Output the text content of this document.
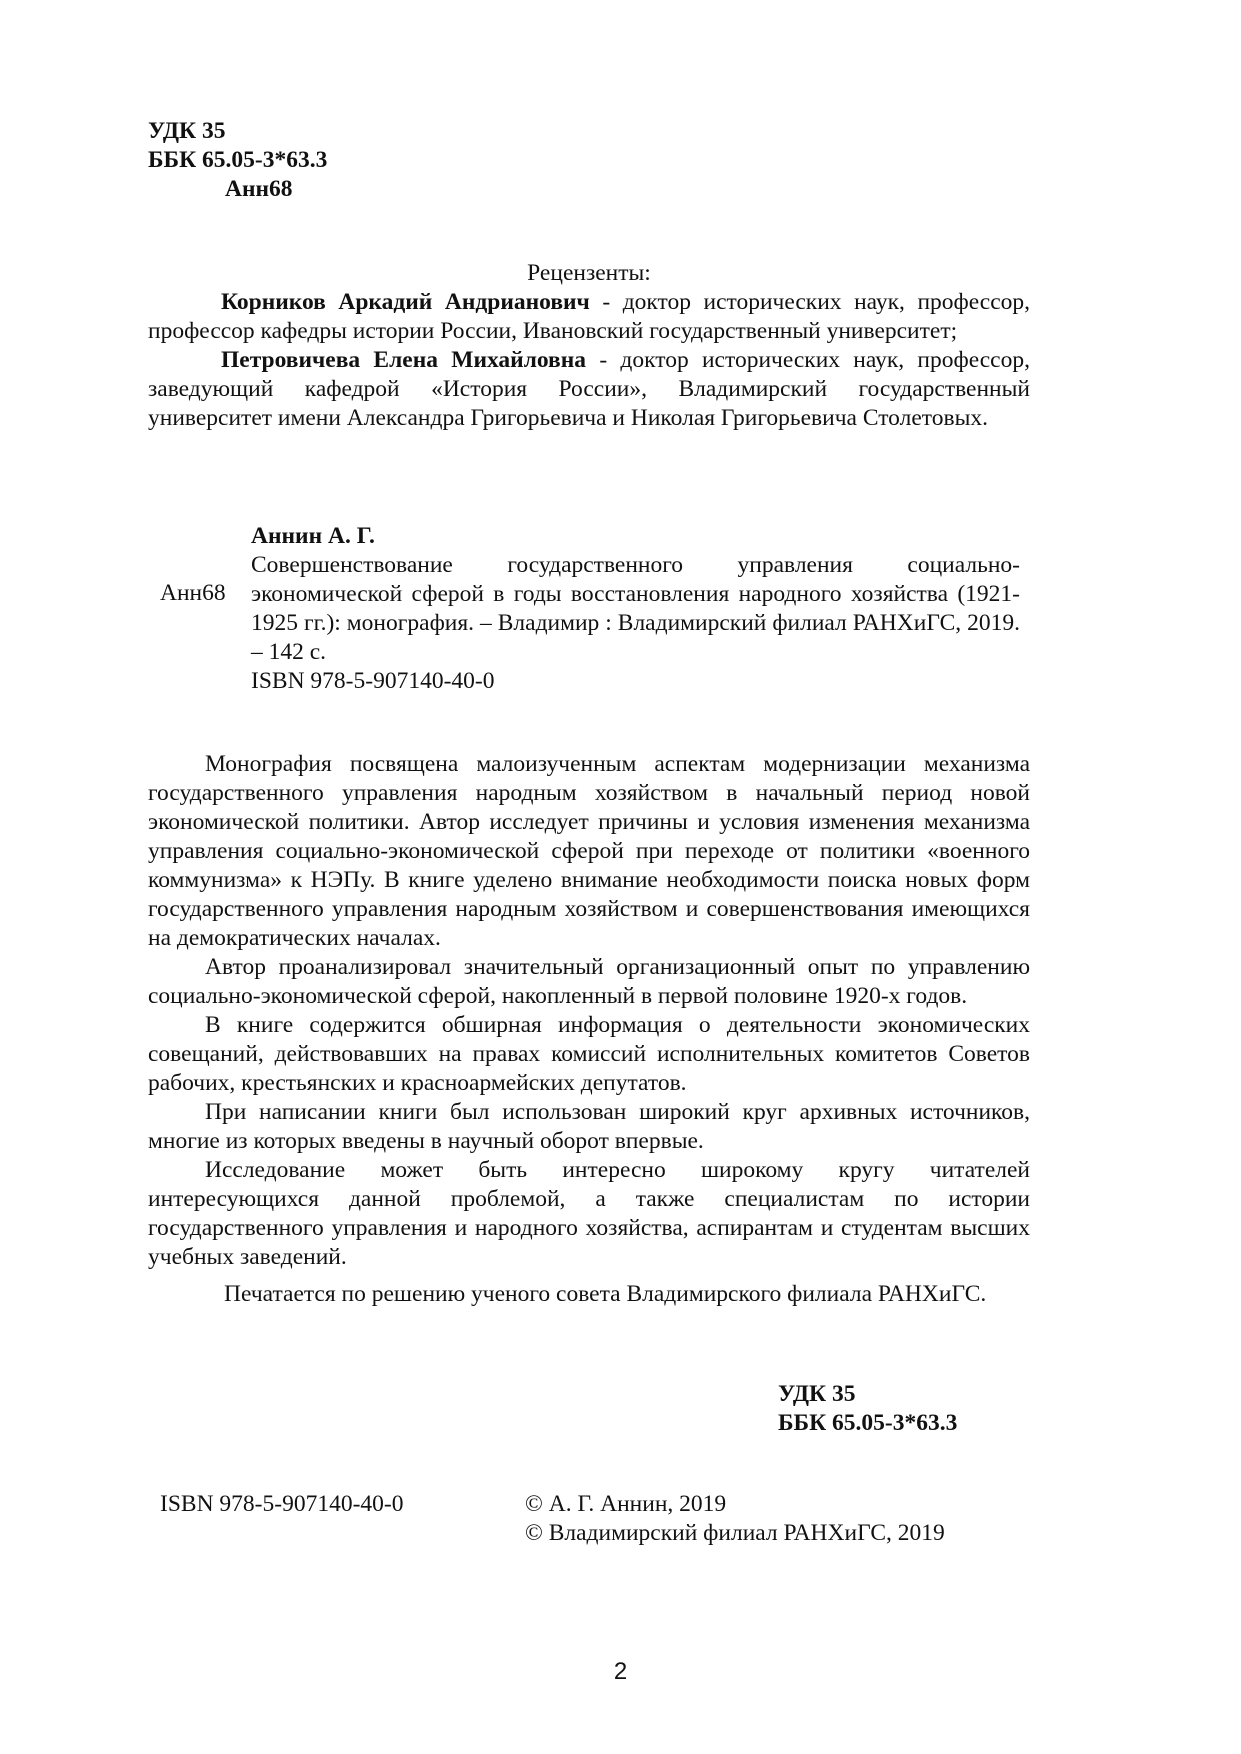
УДК 35
ББК 65.05-3*63.3
Анн68
Рецензенты:

Корников Аркадий Андрианович - доктор исторических наук, профессор, профессор кафедры истории России, Ивановский государственный университет;

Петровичева Елена Михайловна - доктор исторических наук, профессор, заведующий кафедрой «История России», Владимирский государственный университет имени Александра Григорьевича и Николая Григорьевича Столетовых.

Анн68
Аннин А. Г.

Совершенствование государственного управления социально-экономической сферой в годы восстановления народного хозяйства (1921-1925 гг.): монография. – Владимир : Владимирский филиал РАНХиГС, 2019. – 142 с.

ISBN 978-5-907140-40-0

Монография посвящена малоизученным аспектам модернизации механизма государственного управления народным хозяйством в начальный период новой экономической политики. Автор исследует причины и условия изменения механизма управления социально-экономической сферой при переходе от политики «военного коммунизма» к НЭПу. В книге уделено внимание необходимости поиска новых форм государственного управления народным хозяйством и совершенствования имеющихся на демократических началах.

Автор проанализировал значительный организационный опыт по управлению социально-экономической сферой, накопленный в первой половине 1920-х годов.

В книге содержится обширная информация о деятельности экономических совещаний, действовавших на правах комиссий исполнительных комитетов Советов рабочих, крестьянских и красноармейских депутатов.

При написании книги был использован широкий круг архивных источников, многие из которых введены в научный оборот впервые.

Исследование может быть интересно широкому кругу читателей интересующихся данной проблемой, а также специалистам по истории государственного управления и народного хозяйства, аспирантам и студентам высших учебных заведений.

Печатается по решению ученого совета Владимирского филиала РАНХиГС.
УДК 35
ББК 65.05-3*63.3
ISBN 978-5-907140-40-0	© А. Г. Аннин, 2019
© Владимирский филиал РАНХиГС, 2019
2
